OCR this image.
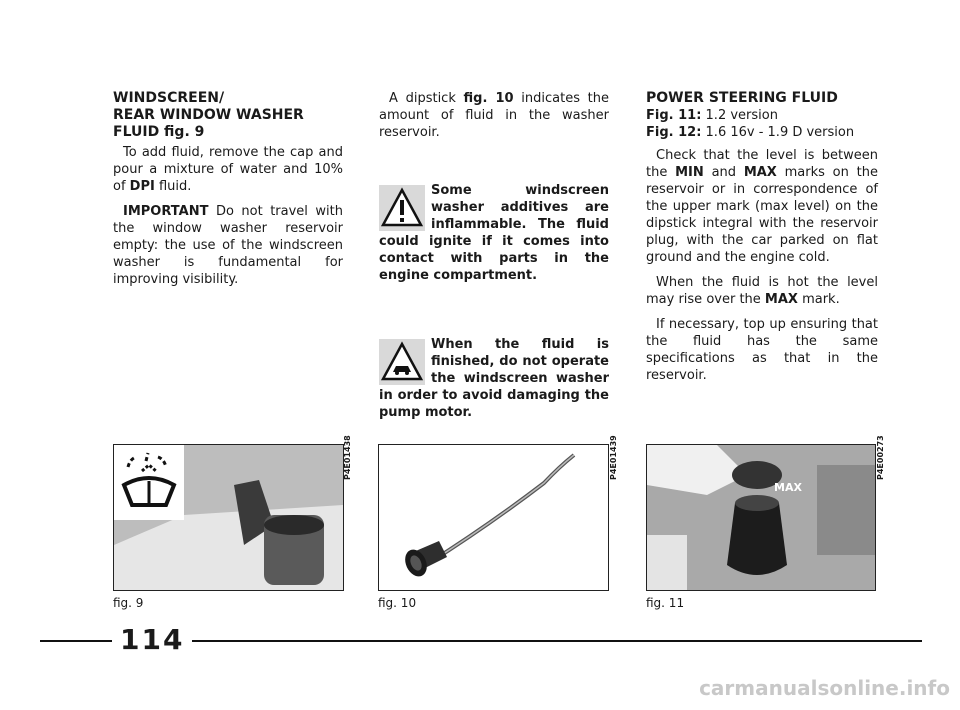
WINDSCREEN/
REAR WINDOW WASHER
FLUID fig. 9

To add fluid, remove the cap and pour a mixture of water and 10% of DPI fluid.

IMPORTANT Do not travel with the window washer reservoir empty: the use of the windscreen washer is fundamental for improving visibility.

A dipstick fig. 10 indicates the amount of fluid in the washer reservoir.

Some windscreen washer additives are inflammable. The fluid could ignite if it comes into contact with parts in the engine compartment.
When the fluid is finished, do not operate the windscreen washer in order to avoid damaging the pump motor.
POWER STEERING FLUID

Fig. 11: 1.2 version

Fig. 12: 1.6 16v - 1.9 D version

Check that the level is between the MIN and MAX marks on the reservoir or in correspondence of the upper mark (max level) on the dipstick integral with the reservoir plug, with the car parked on flat ground and the engine cold.

When the fluid is hot the level may rise over the MAX mark.

If necessary, top up ensuring that the fluid has the same specifications as that in the reservoir.

P4E01438
fig. 9
P4E01439
fig. 10
MAX
P4E00273
fig. 11
114
carmanualsonline.info
